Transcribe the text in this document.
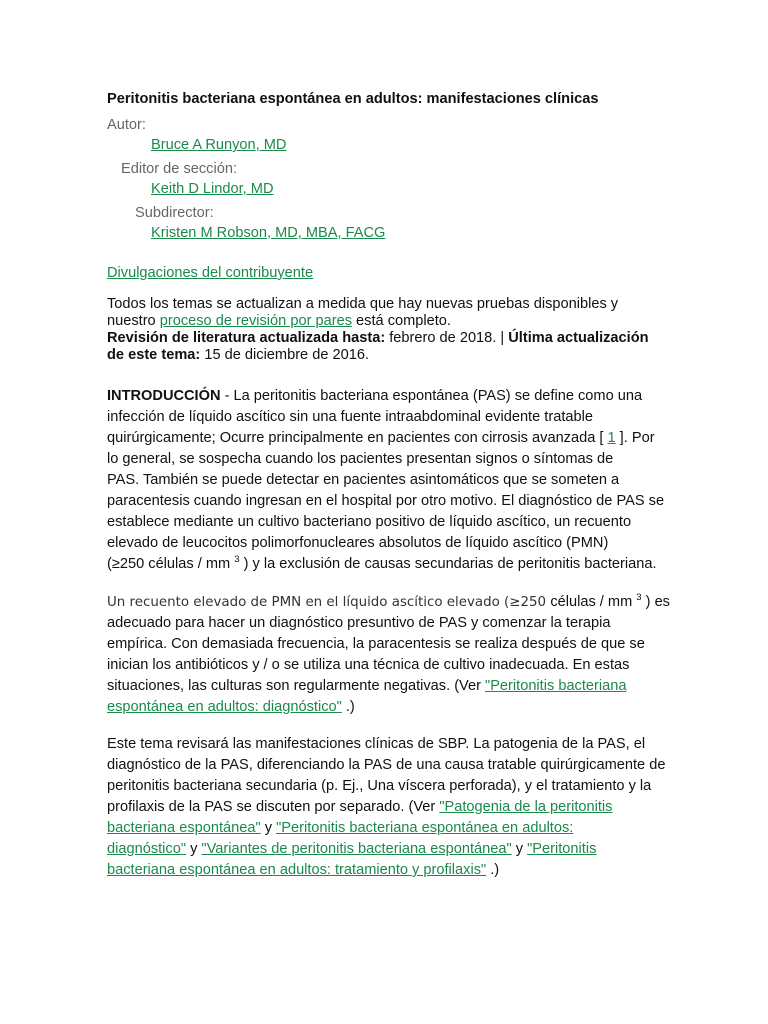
Peritonitis bacteriana espontánea en adultos: manifestaciones clínicas
Autor:
Bruce A Runyon, MD
Editor de sección:
Keith D Lindor, MD
Subdirector:
Kristen M Robson, MD, MBA, FACG
Divulgaciones del contribuyente
Todos los temas se actualizan a medida que hay nuevas pruebas disponibles y
nuestro proceso de revisión por pares está completo.
Revisión de literatura actualizada hasta: febrero de 2018. | Última actualización
de este tema: 15 de diciembre de 2016.
INTRODUCCIÓN - La peritonitis bacteriana espontánea (PAS) se define como una
infección de líquido ascítico sin una fuente intraabdominal evidente tratable
quirúrgicamente; Ocurre principalmente en pacientes con cirrosis avanzada [ 1 ]. Por
lo general, se sospecha cuando los pacientes presentan signos o síntomas de
PAS. También se puede detectar en pacientes asintomáticos que se someten a
paracentesis cuando ingresan en el hospital por otro motivo. El diagnóstico de PAS se
establece mediante un cultivo bacteriano positivo de líquido ascítico, un recuento
elevado de leucocitos polimorfonucleares absolutos de líquido ascítico (PMN)
(≥250 células / mm $^3$ ) y la exclusión de causas secundarias de peritonitis bacteriana.
Un recuento elevado de PMN en el líquido ascítico elevado (≥250 células / mm $^3$ ) es
adecuado para hacer un diagnóstico presuntivo de PAS y comenzar la terapia
empírica. Con demasiada frecuencia, la paracentesis se realiza después de que se
inician los antibióticos y / o se utiliza una técnica de cultivo inadecuada. En estas
situaciones, las culturas son regularmente negativas. (Ver "Peritonitis bacteriana
espontánea en adultos: diagnóstico" .)
Este tema revisará las manifestaciones clínicas de SBP. La patogenia de la PAS, el
diagnóstico de la PAS, diferenciando la PAS de una causa tratable quirúrgicamente de
peritonitis bacteriana secundaria (p. Ej., Una víscera perforada), y el tratamiento y la
profilaxis de la PAS se discuten por separado. (Ver "Patogenia de la peritonitis
bacteriana espontánea" y "Peritonitis bacteriana espontánea en adultos:
diagnóstico" y "Variantes de peritonitis bacteriana espontánea" y "Peritonitis
bacteriana espontánea en adultos: tratamiento y profilaxis" .)
